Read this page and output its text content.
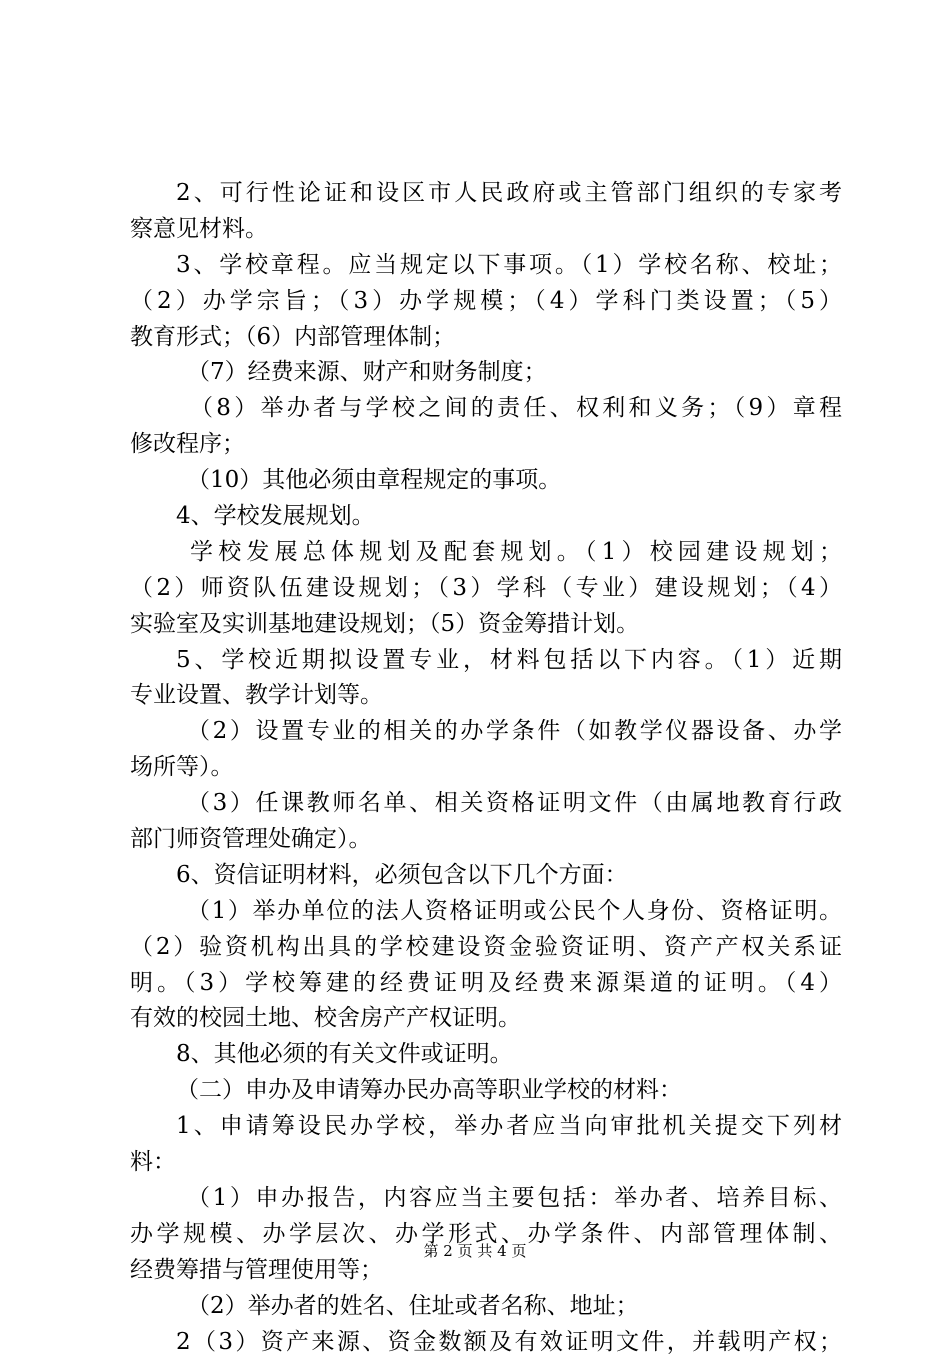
2、可行性论证和设区市人民政府或主管部门组织的专家考
察意见材料。
3、学校章程。应当规定以下事项。（1）学校名称、校址；
（2）办学宗旨；（3）办学规模；（4）学科门类设置；（5）
教育形式；（6）内部管理体制；
（7）经费来源、财产和财务制度；
（8）举办者与学校之间的责任、权利和义务；（9）章程
修改程序；
（10）其他必须由章程规定的事项。
4、学校发展规划。
学校发展总体规划及配套规划。（1）校园建设规划；
（2）师资队伍建设规划；（3）学科（专业）建设规划；（4）
实验室及实训基地建设规划；（5）资金筹措计划。
5、学校近期拟设置专业，材料包括以下内容。（1）近期
专业设置、教学计划等。
（2）设置专业的相关的办学条件（如教学仪器设备、办学
场所等）。
（3）任课教师名单、相关资格证明文件（由属地教育行政
部门师资管理处确定）。
6、资信证明材料，必须包含以下几个方面：
（1）举办单位的法人资格证明或公民个人身份、资格证明。
（2）验资机构出具的学校建设资金验资证明、资产产权关系证
明。（3）学校筹建的经费证明及经费来源渠道的证明。（4）
有效的校园土地、校舍房产产权证明。
8、其他必须的有关文件或证明。
（二）申办及申请筹办民办高等职业学校的材料：
1、申请筹设民办学校，举办者应当向审批机关提交下列材
料：
（1）申办报告，内容应当主要包括：举办者、培养目标、
办学规模、办学层次、办学形式、办学条件、内部管理体制、
经费筹措与管理使用等；
（2）举办者的姓名、住址或者名称、地址；
2（3）资产来源、资金数额及有效证明文件，并载明产权；
第 2 页 共 4 页
